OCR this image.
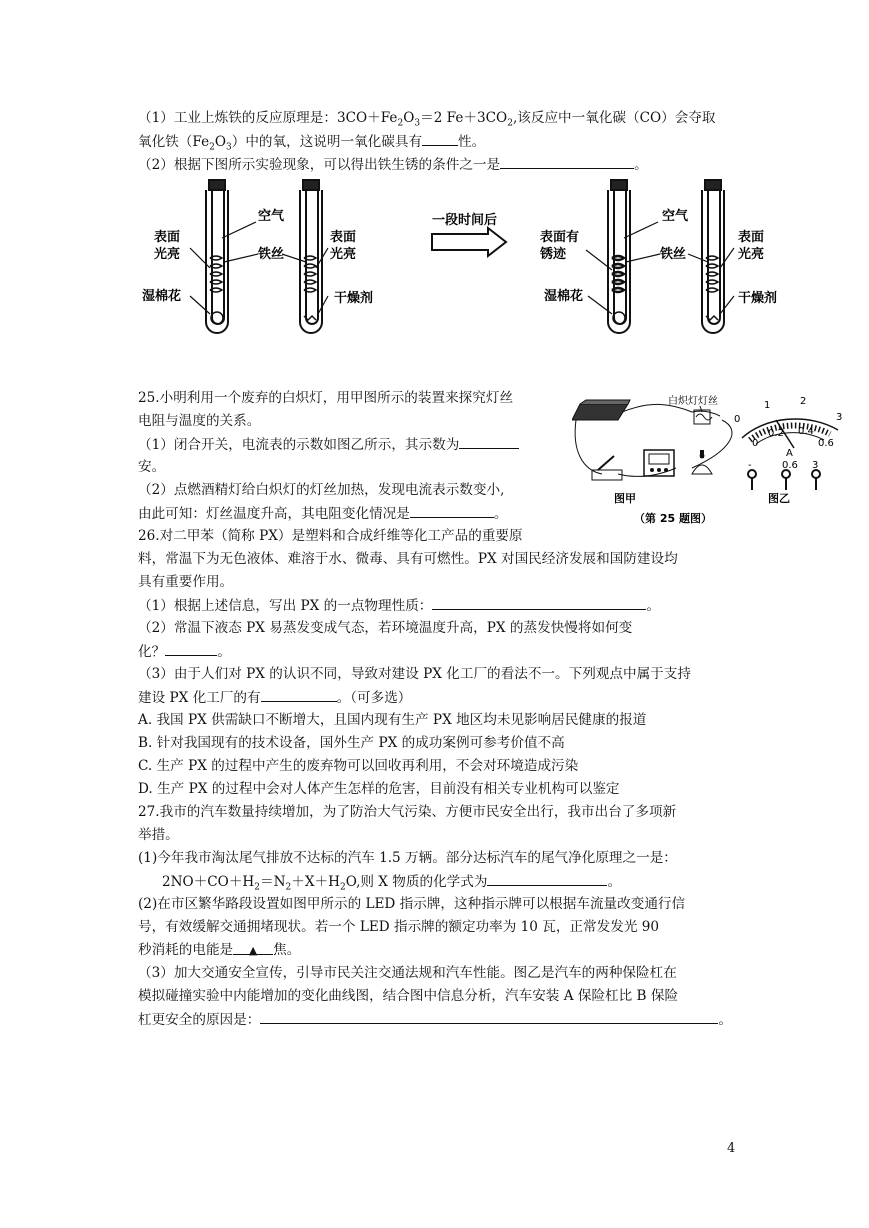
（1）工业上炼铁的反应原理是：$3CO+Fe_2O_3=2$ $Fe+3CO_2$,该反应中一氧化碳（CO）会夺取
氧化铁$(Fe_2O_3)$中的氧，这说明一氧化碳具有	性。
（2）根据下图所示实验现象，可以得出铁生锈的条件之一是	。
表面
光亮
空气
铁丝
表面
光亮
湿棉花	干燥剂
一段时间后
表面有
锈迹
空气
铁丝
表面
光亮
湿棉花	干燥剂
25.小明利用一个废弃的白炽灯，用甲图所示的装置来探究灯丝
电阻与温度的关系。
（1）闭合开关，电流表的示数如图乙所示，其示数为
安。
（2）点燃酒精灯给白炽灯的灯丝加热，发现电流表示数变小,
由此可知：灯丝温度升高，其电阻变化情况是	。
白炽灯灯丝
图甲
0
1	2
3
0
0.2 0.4
0.6
A
0.6 3
-
图乙
（第 25 题图）
26.对二甲苯（简称 PX）是塑料和合成纤维等化工产品的重要原
料，常温下为无色液体、难溶于水、微毒、具有可燃性。PX 对国民经济发展和国防建设均
具有重要作用。
（1）根据上述信息，写出 PX 的一点物理性质：	。
（2）常温下液态 PX 易蒸发变成气态，若环境温度升高，PX 的蒸发快慢将如何变
化？	。
（3）由于人们对 PX 的认识不同，导致对建设 PX 化工厂的看法不一。下列观点中属于支持
建设 PX 化工厂的有	。（可多选）
A. 我国 PX 供需缺口不断增大，且国内现有生产 PX 地区均未见影响居民健康的报道
B. 针对我国现有的技术设备，国外生产 PX 的成功案例可参考价值不高
C. 生产 PX 的过程中产生的废弃物可以回收再利用，不会对环境造成污染
D. 生产 PX 的过程中会对人体产生怎样的危害，目前没有相关专业机构可以鉴定
27.我市的汽车数量持续增加，为了防治大气污染、方便市民安全出行，我市出台了多项新
举措。
(1)今年我市淘汰尾气排放不达标的汽车 1.5 万辆。部分达标汽车的尾气净化原理之一是：
$2NO+CO+H_2=N_2+X+H_2O$,则 X 物质的化学式为	。
(2)在市区繁华路段设置如图甲所示的 LED 指示牌，这种指示牌可以根据车流量改变通行信
号，有效缓解交通拥堵现状。若一个 LED 指示牌的额定功率为 10 瓦，正常发发光 90
秒消耗的电能是 ▲ 焦。
（3）加大交通安全宣传，引导市民关注交通法规和汽车性能。图乙是汽车的两种保险杠在
模拟碰撞实验中内能增加的变化曲线图，结合图中信息分析，汽车安装 A 保险杠比 B 保险
杠更安全的原因是：	。
4
